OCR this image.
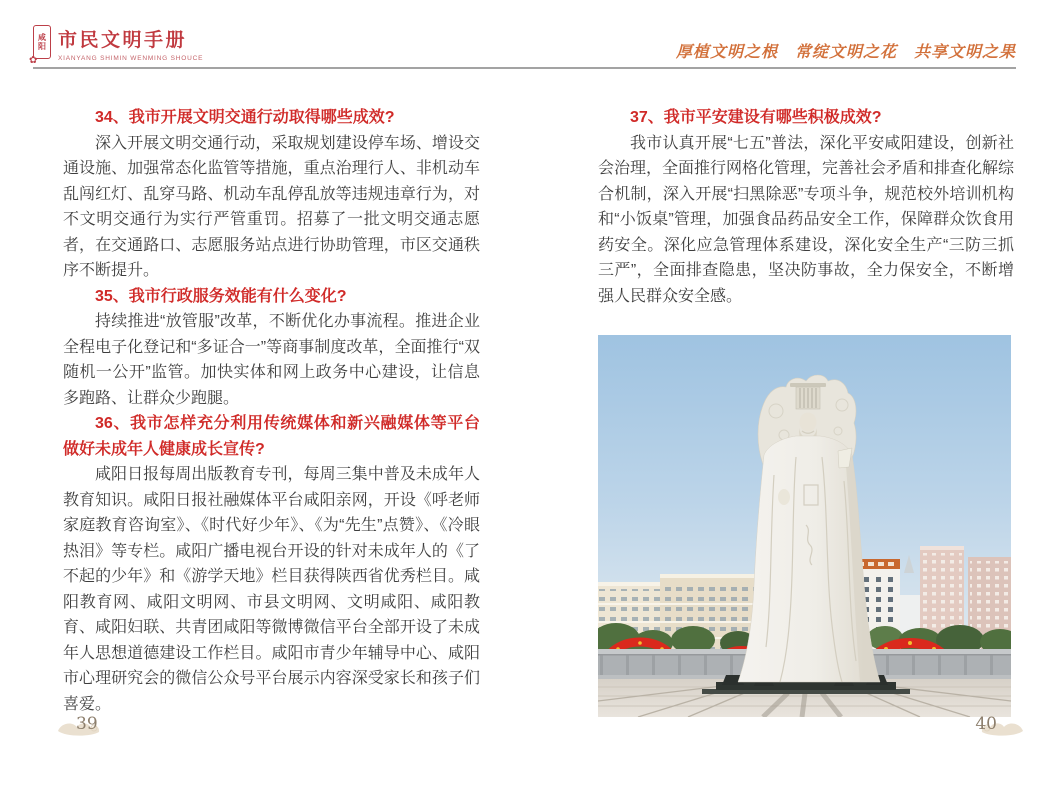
咸
阳
✿
市民文明手册
XIANYANG SHIMIN WENMING SHOUCE	厚植文明之根　常绽文明之花　共享文明之果
34、我市开展文明交通行动取得哪些成效?
深入开展文明交通行动，采取规划建设停车场、增设交通设施、加强常态化监管等措施，重点治理行人、非机动车乱闯红灯、乱穿马路、机动车乱停乱放等违规违章行为，对不文明交通行为实行严管重罚。招募了一批文明交通志愿者，在交通路口、志愿服务站点进行协助管理，市区交通秩序不断提升。
35、我市行政服务效能有什么变化?
持续推进“放管服”改革，不断优化办事流程。推进企业全程电子化登记和“多证合一”等商事制度改革，全面推行“双随机一公开”监管。加快实体和网上政务中心建设，让信息多跑路、让群众少跑腿。
36、我市怎样充分利用传统媒体和新兴融媒体等平台做好未成年人健康成长宣传?
咸阳日报每周出版教育专刊，每周三集中普及未成年人教育知识。咸阳日报社融媒体平台咸阳亲网，开设《呼老师家庭教育咨询室》、《时代好少年》、《为“先生”点赞》、《冷眼热泪》等专栏。咸阳广播电视台开设的针对未成年人的《了不起的少年》和《游学天地》栏目获得陕西省优秀栏目。咸阳教育网、咸阳文明网、市县文明网、文明咸阳、咸阳教育、咸阳妇联、共青团咸阳等微博微信平台全部开设了未成年人思想道德建设工作栏目。咸阳市青少年辅导中心、咸阳市心理研究会的微信公众号平台展示内容深受家长和孩子们喜爱。
37、我市平安建设有哪些积极成效?
我市认真开展“七五”普法，深化平安咸阳建设，创新社会治理，全面推行网格化管理，完善社会矛盾和排查化解综合机制，深入开展“扫黑除恶”专项斗争，规范校外培训机构和“小饭桌”管理，加强食品药品安全工作，保障群众饮食用药安全。深化应急管理体系建设，深化安全生产“三防三抓三严”，全面排查隐患，坚决防事故，全力保安全，不断增强人民群众安全感。
39	40
